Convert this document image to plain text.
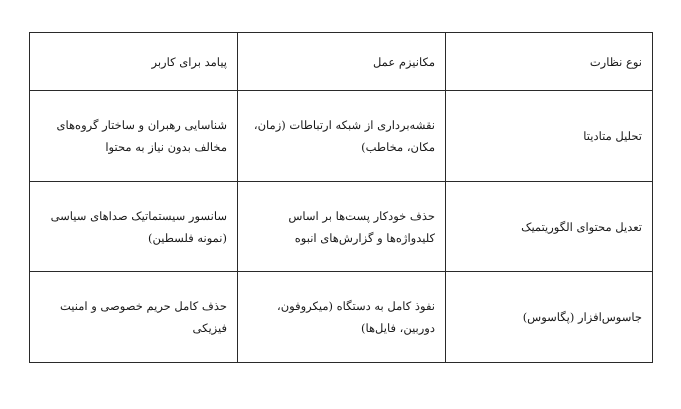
نوع نظارت	مکانیزم عمل	پیامد برای کاربر
تحلیل متادیتا	نقشه‌برداری از شبکه ارتباطات (زمان، مکان، مخاطب)	شناسایی رهبران و ساختار گروه‌های مخالف بدون نیاز به محتوا
تعدیل محتوای الگوریتمیک	حذف خودکار پست‌ها بر اساس کلیدواژه‌ها و گزارش‌های انبوه	سانسور سیستماتیک صداهای سیاسی (نمونه فلسطین)
جاسوس‌افزار (پگاسوس)	نفوذ کامل به دستگاه (میکروفون، دوربین، فایل‌ها)	حذف کامل حریم خصوصی و امنیت فیزیکی
